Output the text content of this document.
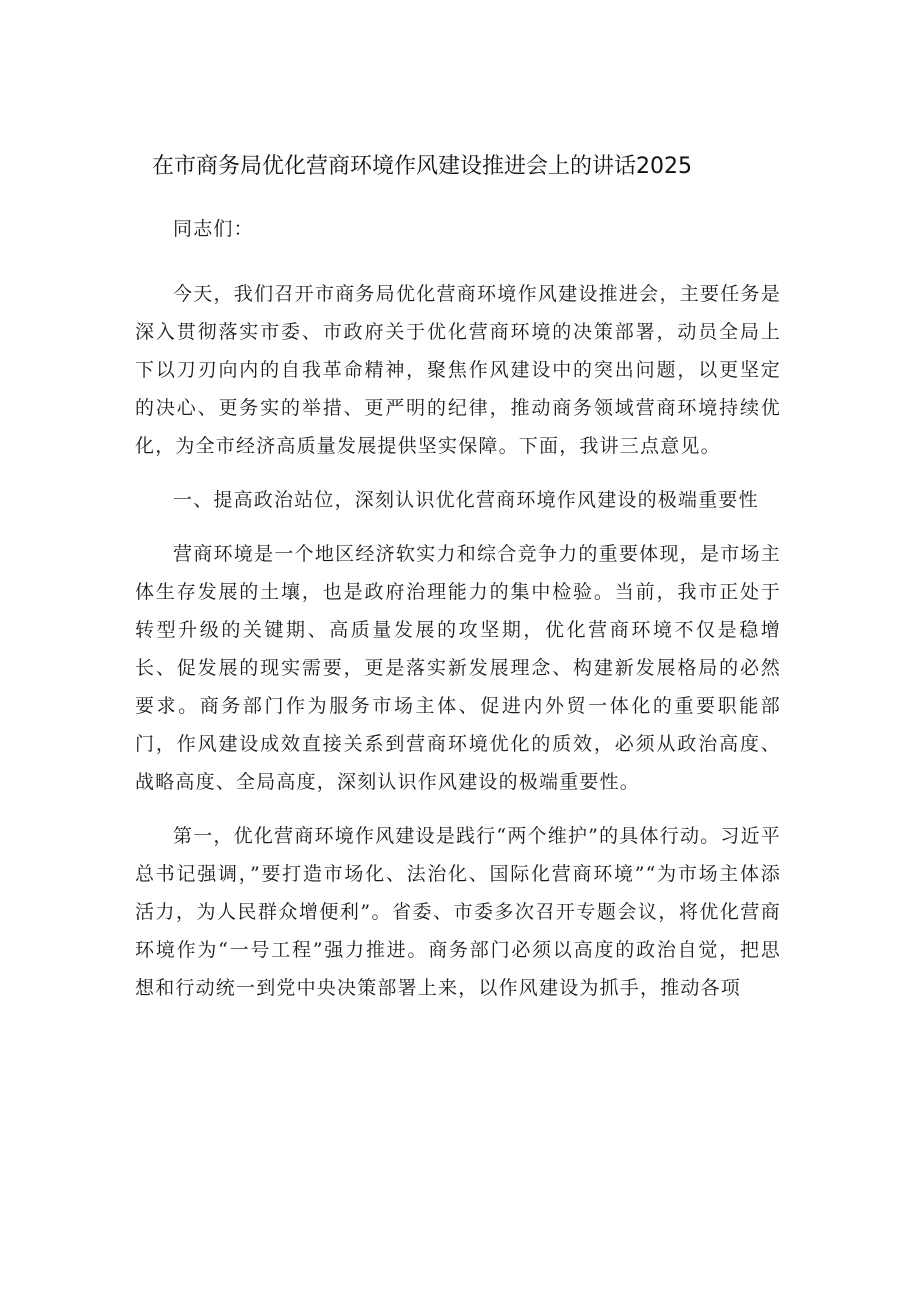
在市商务局优化营商环境作风建设推进会上的讲话2025

同志们：

今天，我们召开市商务局优化营商环境作风建设推进会，主要任务是深入贯彻落实市委、市政府关于优化营商环境的决策部署，动员全局上下以刀刃向内的自我革命精神，聚焦作风建设中的突出问题，以更坚定的决心、更务实的举措、更严明的纪律，推动商务领域营商环境持续优化，为全市经济高质量发展提供坚实保障。下面，我讲三点意见。

一、提高政治站位，深刻认识优化营商环境作风建设的极端重要性

营商环境是一个地区经济软实力和综合竞争力的重要体现，是市场主体生存发展的土壤，也是政府治理能力的集中检验。当前，我市正处于转型升级的关键期、高质量发展的攻坚期，优化营商环境不仅是稳增长、促发展的现实需要，更是落实新发展理念、构建新发展格局的必然要求。商务部门作为服务市场主体、促进内外贸一体化的重要职能部门，作风建设成效直接关系到营商环境优化的质效，必须从政治高度、战略高度、全局高度，深刻认识作风建设的极端重要性。

第一，优化营商环境作风建设是践行“两个维护”的具体行动。习近平总书记强调，”要打造市场化、法治化、国际化营商环境”“为市场主体添活力，为人民群众增便利”。省委、市委多次召开专题会议，将优化营商环境作为“一号工程”强力推进。商务部门必须以高度的政治自觉，把思想和行动统一到党中央决策部署上来，以作风建设为抓手，推动各项
